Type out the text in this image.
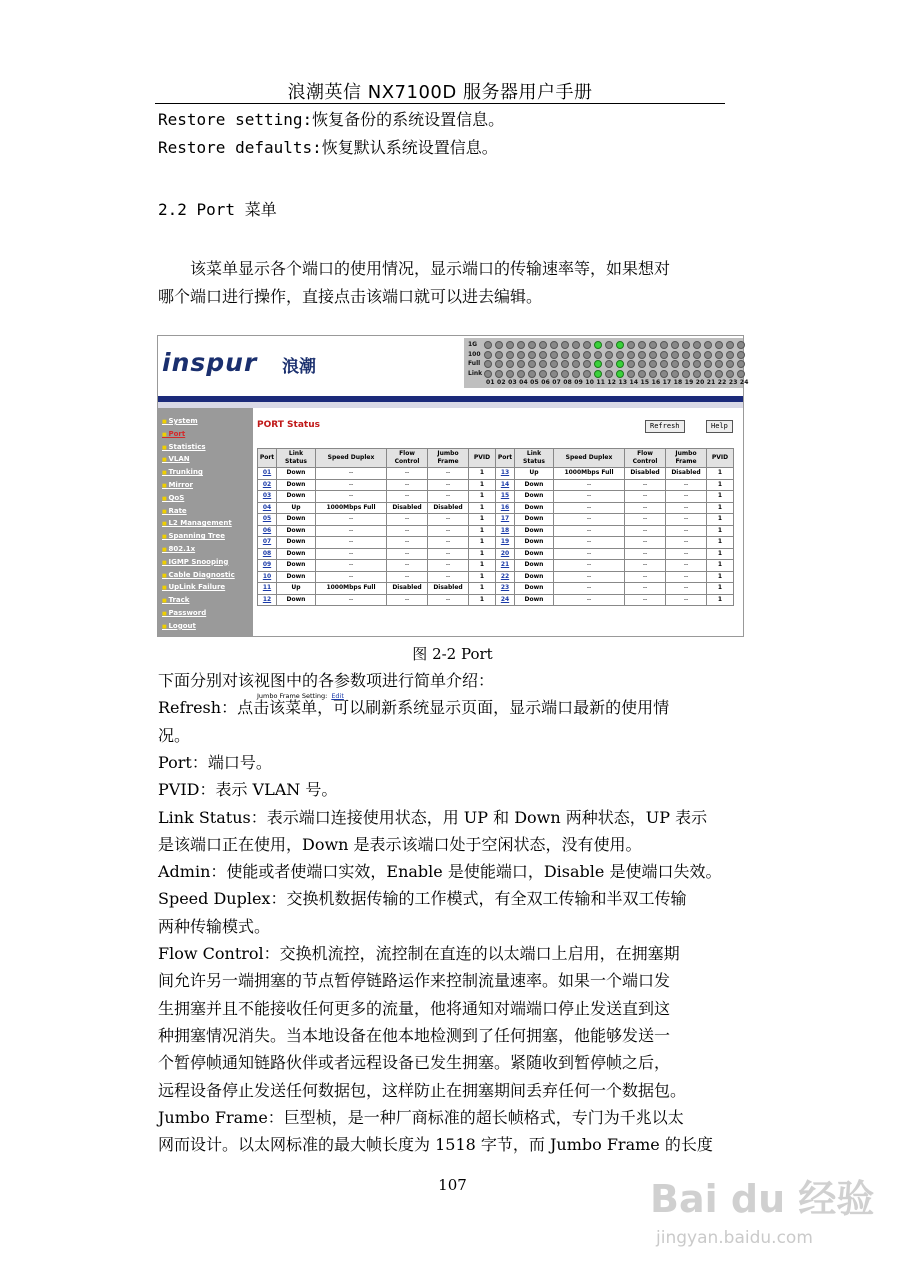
浪潮英信 NX7100D 服务器用户手册
Restore setting:恢复备份的系统设置信息。
Restore defaults:恢复默认系统设置信息。
2.2 Port 菜单
　　该菜单显示各个端口的使用情况，显示端口的传输速率等，如果想对
哪个端口进行操作，直接点击该端口就可以进去编辑。
inspur 浪潮
01 02 03 04 05 06 07 08 09 10 11 12 13 14 15 16 17 18 19 20 21 22 23 24
1G
100
Full
Link
■ System
■ Port
■ Statistics
■ VLAN
■ Trunking
■ Mirror
■ QoS
■ Rate
■ L2 Management
■ Spanning Tree
■ 802.1x
■ IGMP Snooping
■ Cable Diagnostic
■ UpLink Failure
■ Track
■ Password
■ Logout
PORT Status	Refresh	Help
Port	Link Status	Speed Duplex	Flow Control	Jumbo Frame	PVID	Port	Link Status	Speed Duplex	Flow Control	Jumbo Frame	PVID
01	Down	--	--	--	1	13	Up	1000Mbps Full	Disabled	Disabled	1
02	Down	--	--	--	1	14	Down	--	--	--	1
03	Down	--	--	--	1	15	Down	--	--	--	1
04	Up	1000Mbps Full	Disabled	Disabled	1	16	Down	--	--	--	1
05	Down	--	--	--	1	17	Down	--	--	--	1
06	Down	--	--	--	1	18	Down	--	--	--	1
07	Down	--	--	--	1	19	Down	--	--	--	1
08	Down	--	--	--	1	20	Down	--	--	--	1
09	Down	--	--	--	1	21	Down	--	--	--	1
10	Down	--	--	--	1	22	Down	--	--	--	1
11	Up	1000Mbps Full	Disabled	Disabled	1	23	Down	--	--	--	1
12	Down	--	--	--	1	24	Down	--	--	--	1
Jumbo Frame Setting: Edit
图 2-2 Port
下面分别对该视图中的各参数项进行简单介绍：
Refresh：点击该菜单，可以刷新系统显示页面，显示端口最新的使用情
况。
Port：端口号。
PVID：表示 VLAN 号。
Link Status：表示端口连接使用状态，用 UP 和 Down 两种状态，UP 表示
是该端口正在使用，Down 是表示该端口处于空闲状态，没有使用。
Admin：使能或者使端口实效，Enable 是使能端口，Disable 是使端口失效。
Speed Duplex：交换机数据传输的工作模式，有全双工传输和半双工传输
两种传输模式。
Flow Control：交换机流控，流控制在直连的以太端口上启用，在拥塞期
间允许另一端拥塞的节点暂停链路运作来控制流量速率。如果一个端口发
生拥塞并且不能接收任何更多的流量，他将通知对端端口停止发送直到这
种拥塞情况消失。当本地设备在他本地检测到了任何拥塞，他能够发送一
个暂停帧通知链路伙伴或者远程设备已发生拥塞。紧随收到暂停帧之后，
远程设备停止发送任何数据包，这样防止在拥塞期间丢弃任何一个数据包。
Jumbo Frame：巨型桢，是一种厂商标准的超长帧格式，专门为千兆以太
网而设计。以太网标准的最大帧长度为 1518 字节，而 Jumbo Frame 的长度
107	Bai du 经验
jingyan.baidu.com
